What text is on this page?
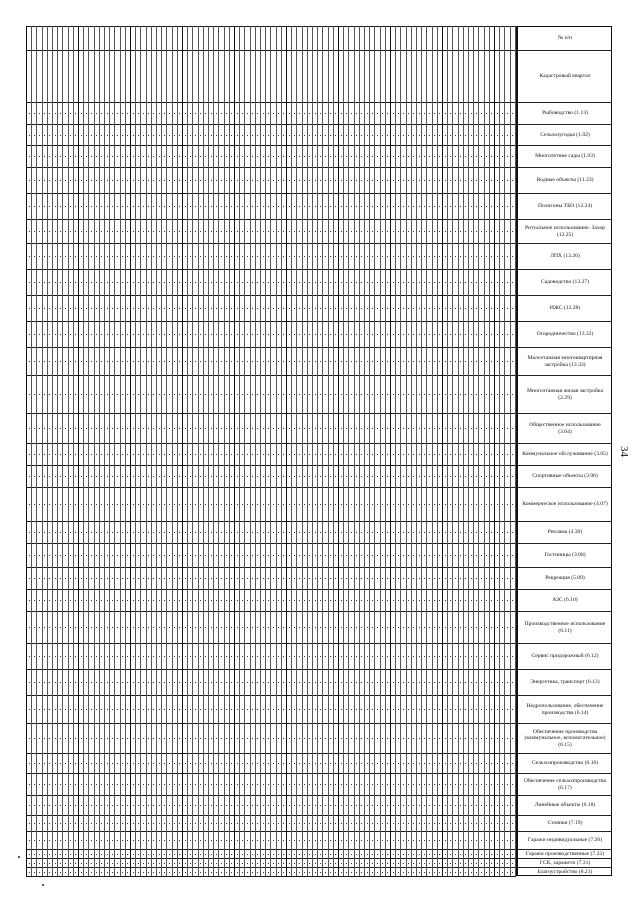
№ п/п
Кадастровый квартал
Рыбоводство (1.13)
Сельхозугодья (1.02)
Многолетние сады (1.03)
Водные объекты (11.23)
Полигоны ТБО (12.24)
Ритуальное использование. Захор (12.25)
ЛПХ (13.26)
Садоводство (13.27)
ИЖС (13.28)
Огородничество (13.32)
Малоэтажная многоквартирная застройка (13.33)
Многоэтажная жилая застройка (2.29)
Общественное использование (3.04)
Коммунальное обслуживание (3.05)
Спортивные объекты (3.06)
Коммерческое использование (4.07)
Реклама (4.30)
Гостиницы (3.08)
Рекреация (5.09)
АЗС (6.10)
Производственное использование (6.11)
Сервис придорожный (6.12)
Энергетика, транспорт (6.13)
Недропользование, обеспечение производства (6.14)
Обеспечение производства (коммунальное, вспомогательное) (6.15)
Сельхозпроизводство (6.16)
Обеспечение сельхозпроизводства (6.17)
Линейные объекты (6.18)
Стоянки (7.19)
Гаражи индивидуальные (7.20)
Гаражи производственные (7.22)
ГСК, харажети (7.31)
Благоустройство (8.21)
34
